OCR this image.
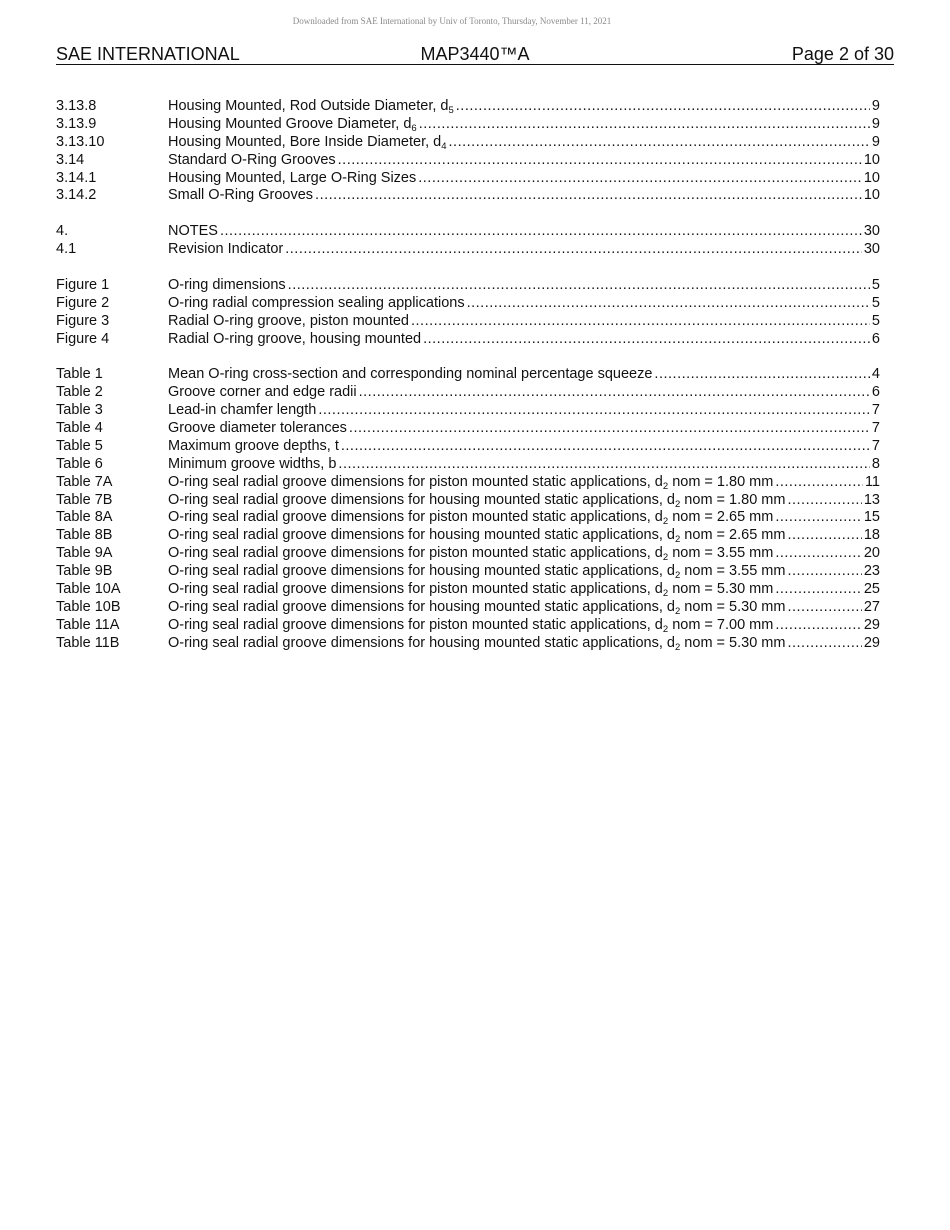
Downloaded from SAE International by Univ of Toronto, Thursday, November 11, 2021
SAE INTERNATIONAL	MAP3440™A	Page 2 of 30
3.13.8	Housing Mounted, Rod Outside Diameter, $d_5$ .....	9
3.13.9	Housing Mounted Groove Diameter, $d_6$ .....	9
3.13.10	Housing Mounted, Bore Inside Diameter, $d_4$ .....	9
3.14	Standard O-Ring Grooves .....	10
3.14.1	Housing Mounted, Large O-Ring Sizes .....	10
3.14.2	Small O-Ring Grooves .....	10
4.	NOTES .....	30
4.1	Revision Indicator .....	30
Figure 1	O-ring dimensions .....	5
Figure 2	O-ring radial compression sealing applications .....	5
Figure 3	Radial O-ring groove, piston mounted .....	5
Figure 4	Radial O-ring groove, housing mounted .....	6
Table 1	Mean O-ring cross-section and corresponding nominal percentage squeeze .....	4
Table 2	Groove corner and edge radii .....	6
Table 3	Lead-in chamfer length .....	7
Table 4	Groove diameter tolerances .....	7
Table 5	Maximum groove depths, t .....	7
Table 6	Minimum groove widths, b .....	8
Table 7A	O-ring seal radial groove dimensions for piston mounted static applications, $d_2$ nom = 1.80 mm .....	11
Table 7B	O-ring seal radial groove dimensions for housing mounted static applications, $d_2$ nom = 1.80 mm .....	13
Table 8A	O-ring seal radial groove dimensions for piston mounted static applications, $d_2$ nom = 2.65 mm .....	15
Table 8B	O-ring seal radial groove dimensions for housing mounted static applications, $d_2$ nom = 2.65 mm .....	18
Table 9A	O-ring seal radial groove dimensions for piston mounted static applications, $d_2$ nom = 3.55 mm .....	20
Table 9B	O-ring seal radial groove dimensions for housing mounted static applications, $d_2$ nom = 3.55 mm .....	23
Table 10A	O-ring seal radial groove dimensions for piston mounted static applications, $d_2$ nom = 5.30 mm .....	25
Table 10B	O-ring seal radial groove dimensions for housing mounted static applications, $d_2$ nom = 5.30 mm .....	27
Table 11A	O-ring seal radial groove dimensions for piston mounted static applications, $d_2$ nom = 7.00 mm .....	29
Table 11B	O-ring seal radial groove dimensions for housing mounted static applications, $d_2$ nom = 5.30 mm .....	29
